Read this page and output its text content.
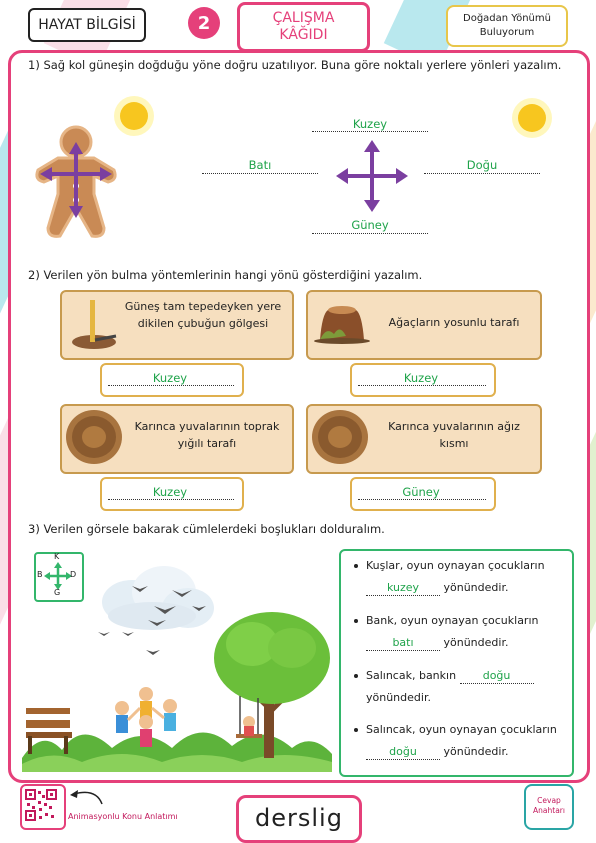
HAYAT BİLGİSİ	2	ÇALIŞMA
KÂĞIDI
Doğadan Yönümü
Buluyorum
1) Sağ kol güneşin doğduğu yöne doğru uzatılıyor. Buna göre noktalı yerlere yönleri yazalım.
Kuzey
Batı	Doğu
Güney
2) Verilen yön bulma yöntemlerinin hangi yönü gösterdiğini yazalım.
Güneş tam tepedeyken yere
dikilen çubuğun gölgesi
Kuzey
Ağaçların yosunlu tarafı
Kuzey
Karınca yuvalarının toprak
yığılı tarafı
Kuzey
Karınca yuvalarının ağız
kısmı
Güney
3) Verilen görsele bakarak cümlelerdeki boşlukları dolduralım.
K
G
B	D
Kuşlar, oyun oynayan çocukların
kuzey yönündedir.
Bank, oyun oynayan çocukların
batı	yönündedir.
Salıncak, bankın doğu
yönündedir.
Salıncak, oyun oynayan çocukların
doğu yönündedir.
Animasyonlu Konu Anlatımı	derslig
Cevap
Anahtarı
